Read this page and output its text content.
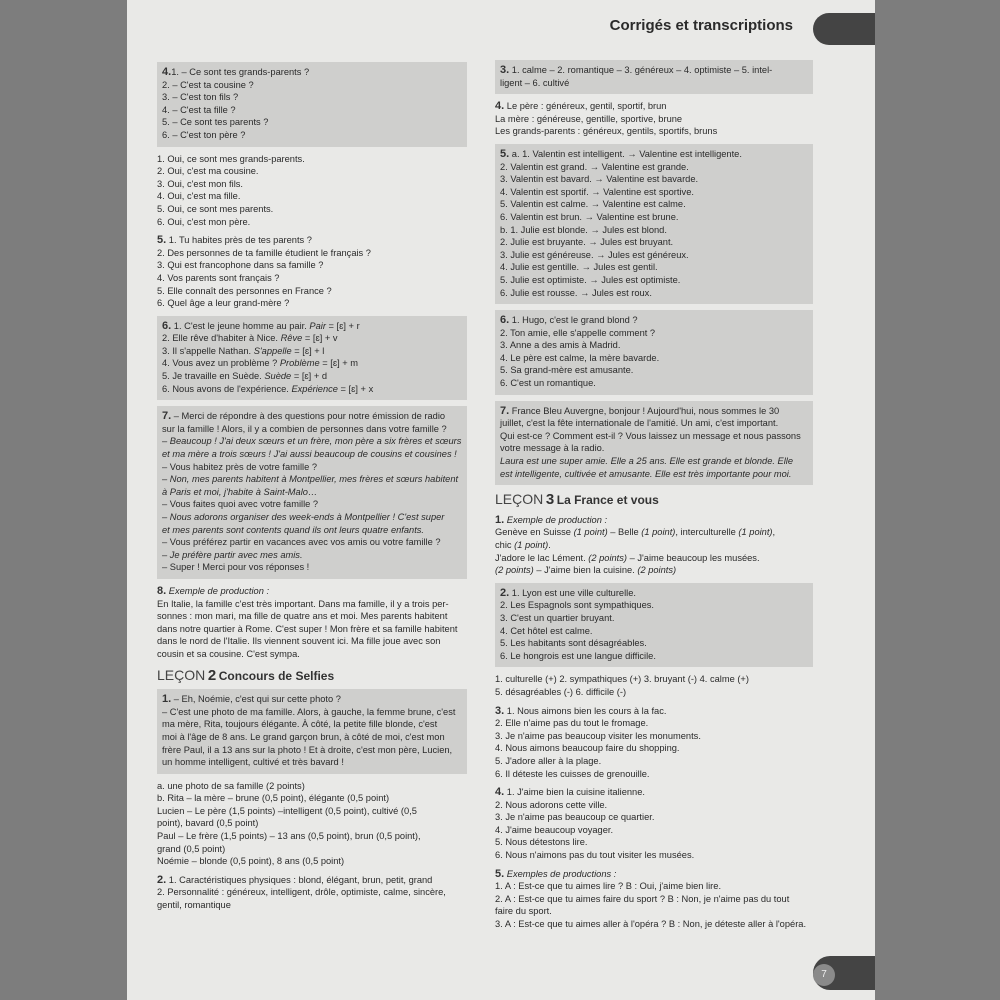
Corrigés et transcriptions
4.1. – Ce sont tes grands-parents ?
2. – C'est ta cousine ?
3. – C'est ton fils ?
4. – C'est ta fille ?
5. – Ce sont tes parents ?
6. – C'est ton père ?
1. Oui, ce sont mes grands-parents.
2. Oui, c'est ma cousine.
3. Oui, c'est mon fils.
4. Oui, c'est ma fille.
5. Oui, ce sont mes parents.
6. Oui, c'est mon père.
5. 1. Tu habites près de tes parents ?
2. Des personnes de ta famille étudient le français ?
3. Qui est francophone dans sa famille ?
4. Vos parents sont français ?
5. Elle connaît des personnes en France ?
6. Quel âge a leur grand-mère ?
6. 1. C'est le jeune homme au pair. Pair = [ɛ] + r
2. Elle rêve d'habiter à Nice. Rêve = [ɛ] + v
3. Il s'appelle Nathan. S'appelle = [ɛ] + l
4. Vous avez un problème ? Problème = [ɛ] + m
5. Je travaille en Suède. Suède = [ɛ] + d
6. Nous avons de l'expérience. Expérience = [ɛ] + x
7. – Merci de répondre à des questions pour notre émission de radio
sur la famille ! Alors, il y a combien de personnes dans votre famille ?
– Beaucoup ! J'ai deux sœurs et un frère, mon père a six frères et sœurs
et ma mère a trois sœurs ! J'ai aussi beaucoup de cousins et cousines !
– Vous habitez près de votre famille ?
– Non, mes parents habitent à Montpellier, mes frères et sœurs habitent
à Paris et moi, j'habite à Saint-Malo…
– Vous faites quoi avec votre famille ?
– Nous adorons organiser des week-ends à Montpellier ! C'est super
et mes parents sont contents quand ils ont leurs quatre enfants.
– Vous préférez partir en vacances avec vos amis ou votre famille ?
– Je préfère partir avec mes amis.
– Super ! Merci pour vos réponses !
8. Exemple de production :
En Italie, la famille c'est très important. Dans ma famille, il y a trois per-
sonnes : mon mari, ma fille de quatre ans et moi. Mes parents habitent
dans notre quartier à Rome. C'est super ! Mon frère et sa famille habitent
dans le nord de l'Italie. Ils viennent souvent ici. Ma fille joue avec son
cousin et sa cousine. C'est sympa.
LEÇON 2 Concours de Selfies
1. – Eh, Noémie, c'est qui sur cette photo ?
– C'est une photo de ma famille. Alors, à gauche, la femme brune, c'est
ma mère, Rita, toujours élégante. À côté, la petite fille blonde, c'est
moi à l'âge de 8 ans. Le grand garçon brun, à côté de moi, c'est mon
frère Paul, il a 13 ans sur la photo ! Et à droite, c'est mon père, Lucien,
un homme intelligent, cultivé et très bavard !
a. une photo de sa famille (2 points)
b. Rita – la mère – brune (0,5 point), élégante (0,5 point)
Lucien – Le père (1,5 points) –intelligent (0,5 point), cultivé (0,5
point), bavard (0,5 point)
Paul – Le frère (1,5 points) – 13 ans (0,5 point), brun (0,5 point),
grand (0,5 point)
Noémie – blonde (0,5 point), 8 ans (0,5 point)
2. 1. Caractéristiques physiques : blond, élégant, brun, petit, grand
2. Personnalité : généreux, intelligent, drôle, optimiste, calme, sincère,
gentil, romantique
3. 1. calme – 2. romantique – 3. généreux – 4. optimiste – 5. intel-
ligent – 6. cultivé
4. Le père : généreux, gentil, sportif, brun
La mère : généreuse, gentille, sportive, brune
Les grands-parents : généreux, gentils, sportifs, bruns
5. a. 1. Valentin est intelligent. → Valentine est intelligente.
2. Valentin est grand. → Valentine est grande.
3. Valentin est bavard. → Valentine est bavarde.
4. Valentin est sportif. → Valentine est sportive.
5. Valentin est calme. → Valentine est calme.
6. Valentin est brun. → Valentine est brune.
b. 1. Julie est blonde. → Jules est blond.
2. Julie est bruyante. → Jules est bruyant.
3. Julie est généreuse. → Jules est généreux.
4. Julie est gentille. → Jules est gentil.
5. Julie est optimiste. → Jules est optimiste.
6. Julie est rousse. → Jules est roux.
6. 1. Hugo, c'est le grand blond ?
2. Ton amie, elle s'appelle comment ?
3. Anne a des amis à Madrid.
4. Le père est calme, la mère bavarde.
5. Sa grand-mère est amusante.
6. C'est un romantique.
7. France Bleu Auvergne, bonjour ! Aujourd'hui, nous sommes le 30
juillet, c'est la fête internationale de l'amitié. Un ami, c'est important.
Qui est-ce ? Comment est-il ? Vous laissez un message et nous passons
votre message à la radio.
Laura est une super amie. Elle a 25 ans. Elle est grande et blonde. Elle
est intelligente, cultivée et amusante. Elle est très importante pour moi.
LEÇON 3 La France et vous
1. Exemple de production :
Genève en Suisse (1 point) – Belle (1 point), interculturelle (1 point),
chic (1 point).
J'adore le lac Lément. (2 points) – J'aime beaucoup les musées.
(2 points) – J'aime bien la cuisine. (2 points)
2. 1. Lyon est une ville culturelle.
2. Les Espagnols sont sympathiques.
3. C'est un quartier bruyant.
4. Cet hôtel est calme.
5. Les habitants sont désagréables.
6. Le hongrois est une langue difficile.
1. culturelle (+) 2. sympathiques (+) 3. bruyant (-) 4. calme (+)
5. désagréables (-) 6. difficile (-)
3. 1. Nous aimons bien les cours à la fac.
2. Elle n'aime pas du tout le fromage.
3. Je n'aime pas beaucoup visiter les monuments.
4. Nous aimons beaucoup faire du shopping.
5. J'adore aller à la plage.
6. Il déteste les cuisses de grenouille.
4. 1. J'aime bien la cuisine italienne.
2. Nous adorons cette ville.
3. Je n'aime pas beaucoup ce quartier.
4. J'aime beaucoup voyager.
5. Nous détestons lire.
6. Nous n'aimons pas du tout visiter les musées.
5. Exemples de productions :
1. A : Est-ce que tu aimes lire ? B : Oui, j'aime bien lire.
2. A : Est-ce que tu aimes faire du sport ? B : Non, je n'aime pas du tout
faire du sport.
3. A : Est-ce que tu aimes aller à l'opéra ? B : Non, je déteste aller à l'opéra.
7
